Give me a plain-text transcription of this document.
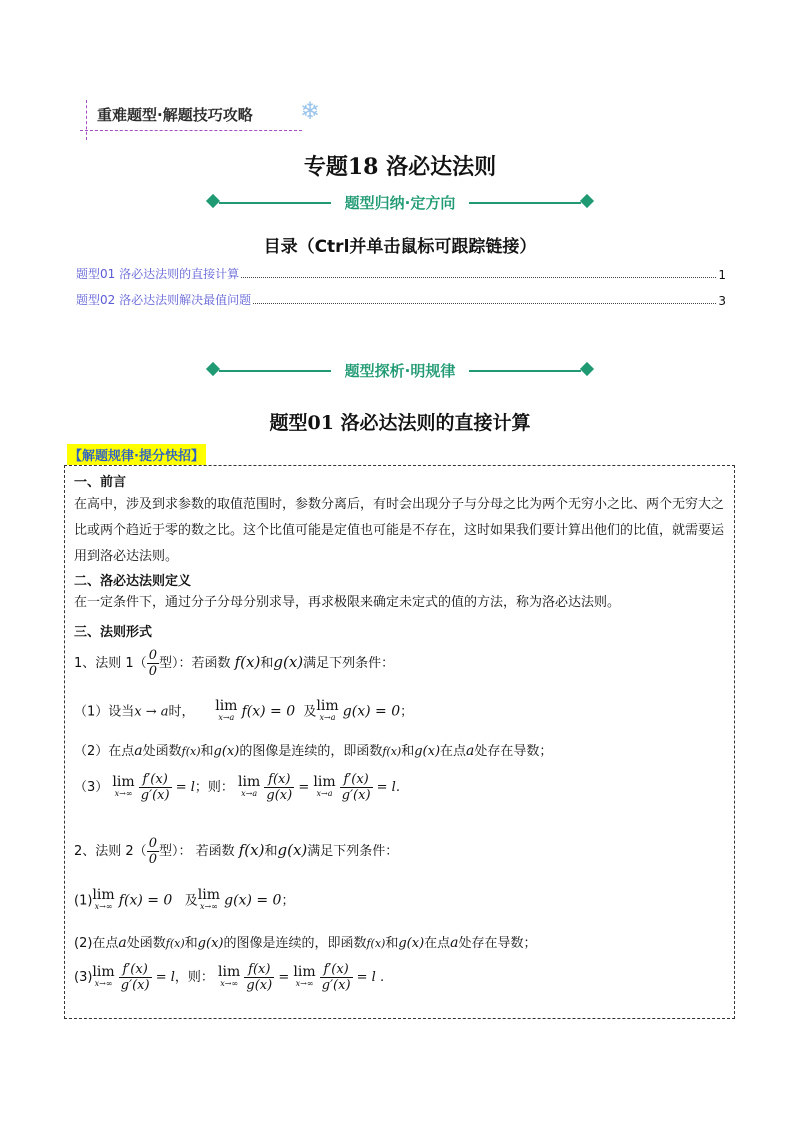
重难题型·解题技巧攻略 ❄
专题18 洛必达法则
题型归纳·定方向
目录（Ctrl并单击鼠标可跟踪链接）
题型01 洛必达法则的直接计算	1
题型02 洛必达法则解决最值问题	3
题型探析·明规律
题型01 洛必达法则的直接计算
【解题规律·提分快招】
一、前言
在高中，涉及到求参数的取值范围时，参数分离后，有时会出现分子与分母之比为两个无穷小之比、两个无穷大之比或两个趋近于零的数之比。这个比值可能是定值也可能是不存在，这时如果我们要计算出他们的比值，就需要运用到洛必达法则。
二、洛必达法则定义
在一定条件下，通过分子分母分别求导，再求极限来确定未定式的值的方法，称为洛必达法则。
三、法则形式
1、法则 $1( \frac{0}{0}$ 型）：若函数 f(x)和g(x)满足下列条件：
（1）设当x → a时， lim
x→a f(x) = 0 及 lim
x→a g(x) = 0；
（2）在点a处函数f(x)和g(x)的图像是连续的，即函数f(x)和g(x)在点a处存在导数；
（3） lim
x→∞
$\frac{f'(x)}{g'(x)} = l$；则： lim
x→a
$\frac{f(x)}{g(x)} = \lim$
x→a
$\frac{f'(x)}{g'(x)} = l$.
2、法则 $2( \frac{0}{0}$ 型）： 若函数 f(x)和g(x)满足下列条件：
(1) lim
x→∞ f(x) = 0 及 lim
x→∞ g(x) = 0；
(2)在点a处函数f(x)和g(x)的图像是连续的，即函数f(x)和g(x)在点a处存在导数；
(3) lim
x→∞
$\frac{f'(x)}{g'(x)} = l$，则： lim
x→∞
$\frac{f(x)}{g(x)} = \lim$
x→∞
$\frac{f'(x)}{g'(x)} = l$ .
